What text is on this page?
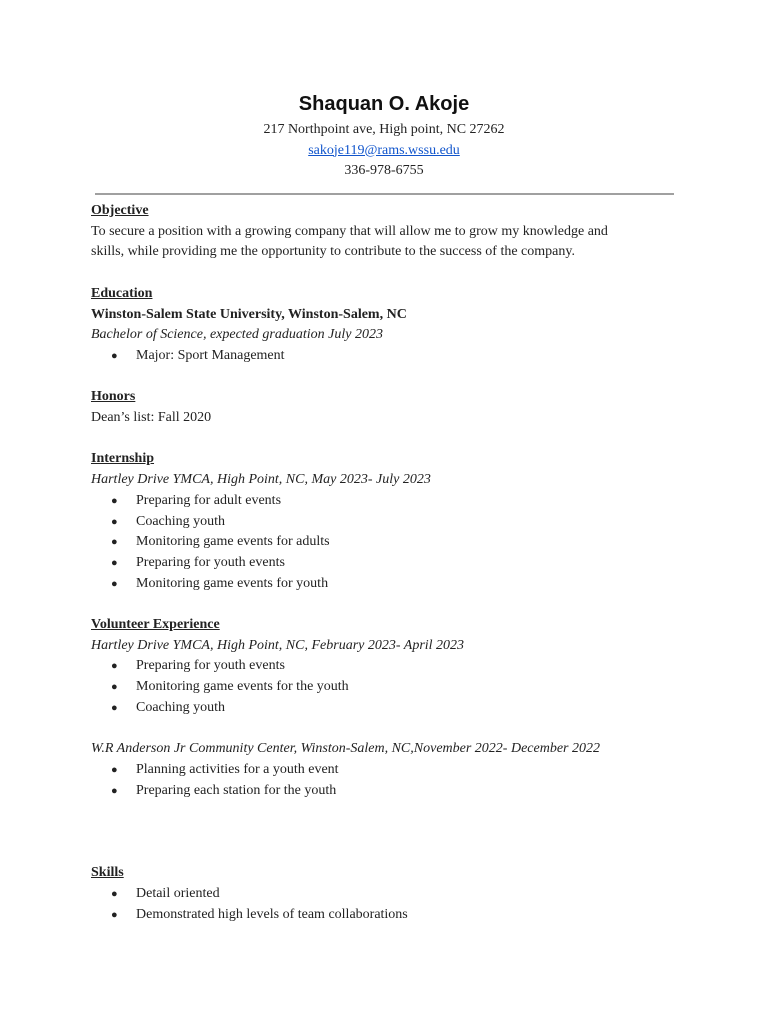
Shaquan O. Akoje
217 Northpoint ave, High point, NC 27262
sakoje119@rams.wssu.edu
336-978-6755
Objective
To secure a position with a growing company that will allow me to grow my knowledge and
skills, while providing me the opportunity to contribute to the success of the company.
Education
Winston-Salem State University, Winston-Salem, NC
Bachelor of Science, expected graduation July 2023
● Major: Sport Management
Honors
Dean’s list: Fall 2020
Internship
Hartley Drive YMCA, High Point, NC, May 2023- July 2023
● Preparing for adult events
● Coaching youth
● Monitoring game events for adults
● Preparing for youth events
● Monitoring game events for youth
Volunteer Experience
Hartley Drive YMCA, High Point, NC, February 2023- April 2023
● Preparing for youth events
● Monitoring game events for the youth
● Coaching youth
W.R Anderson Jr Community Center, Winston-Salem, NC,November 2022- December 2022
● Planning activities for a youth event
● Preparing each station for the youth
Skills
● Detail oriented
● Demonstrated high levels of team collaborations
